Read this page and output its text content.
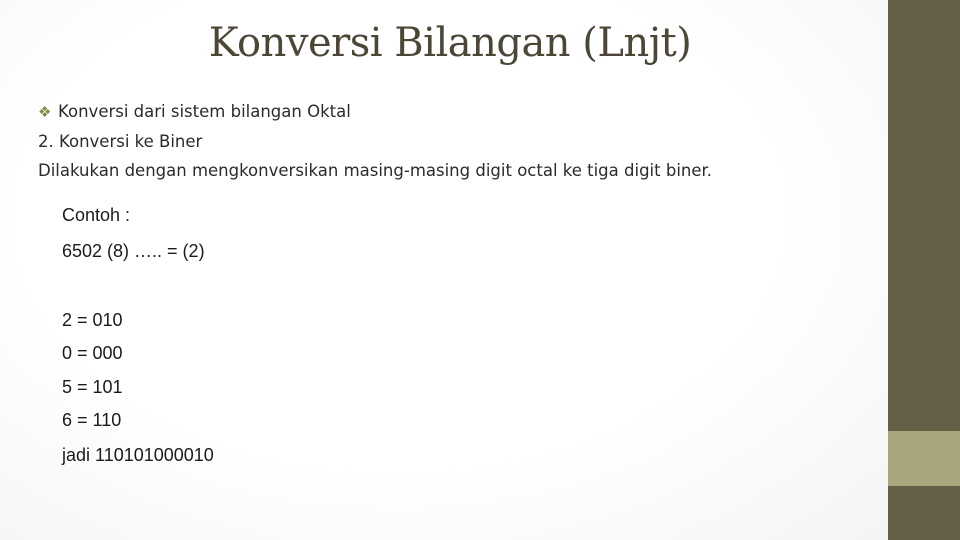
Konversi Bilangan (Lnjt)
❖ Konversi dari sistem bilangan Oktal
2. Konversi ke Biner
Dilakukan dengan mengkonversikan masing-masing digit octal ke tiga digit biner.
Contoh :
6502 (8) ….. = (2)
2 = 010
0 = 000
5 = 101
6 = 110
jadi 110101000010
